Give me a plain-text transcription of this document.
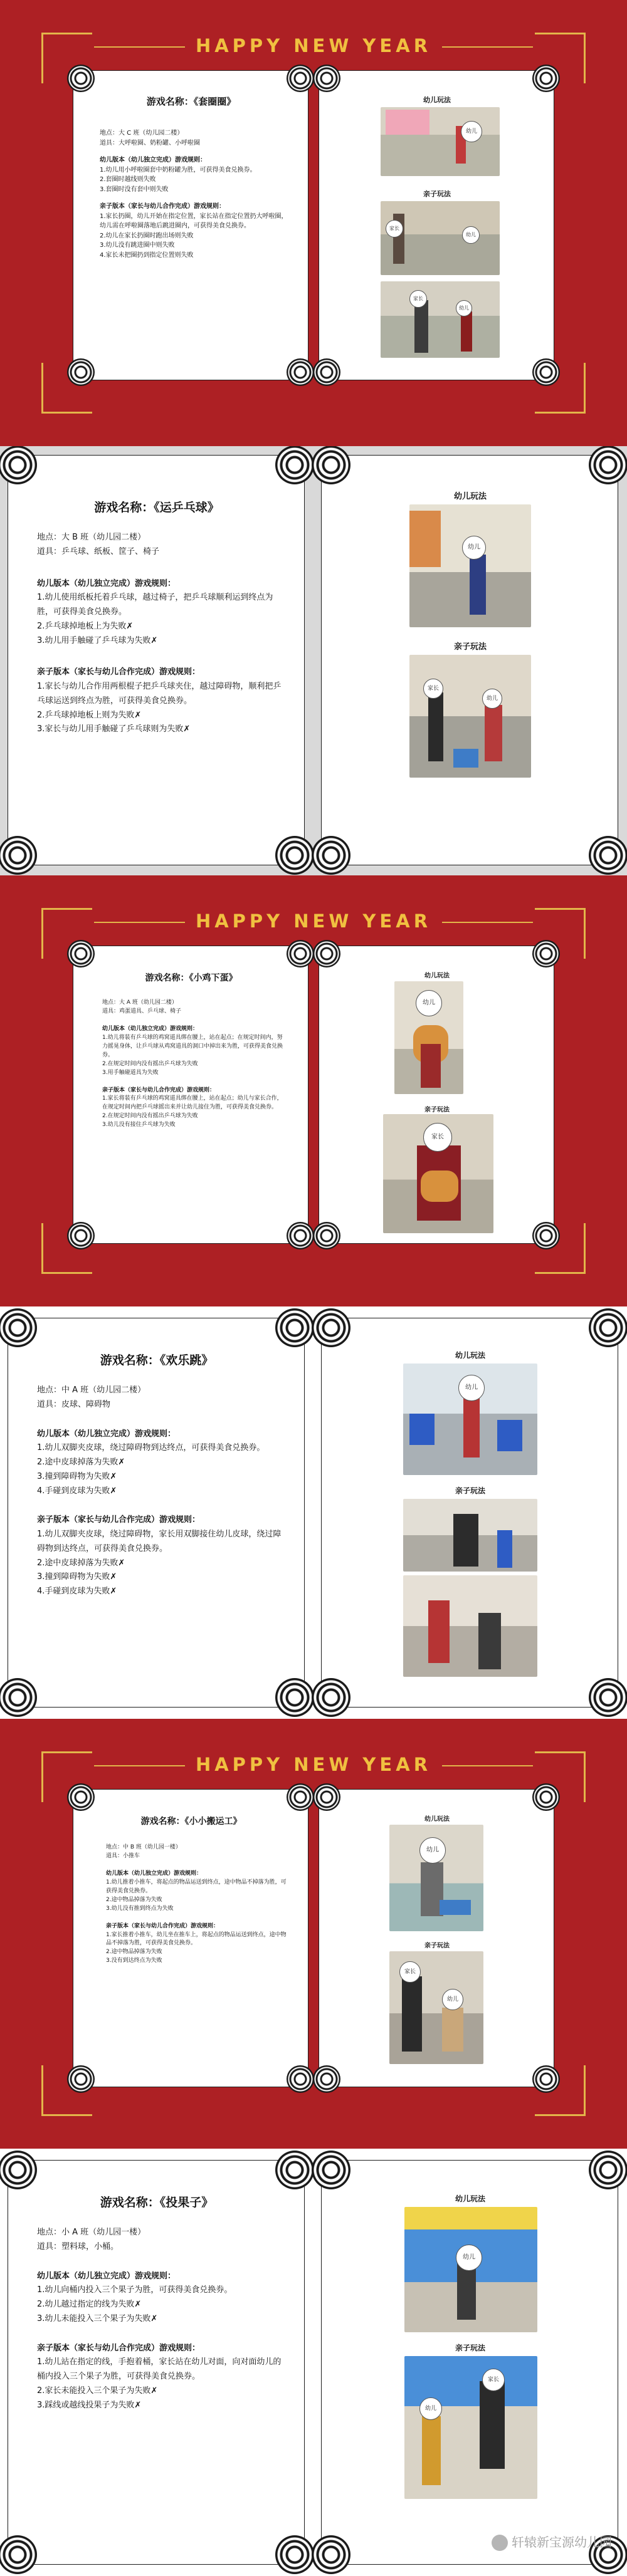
HAPPY NEW YEAR
游戏名称：《套圈圈》
地点：大 C 班（幼儿园二楼）
道具：大呼啦圈、奶粉罐、小呼啦圈
幼儿版本（幼儿独立完成）游戏规则：
1.幼儿用小呼啦圈套中奶粉罐为胜，可获得美食兑换券。
2.套圈时越线则失败
3.套圈时没有套中则失败
亲子版本（家长与幼儿合作完成）游戏规则：
1.家长扔圈，幼儿开始在指定位置，家长站在指定位置扔大呼啦圈，幼儿需在呼啦圈落地后跳进圈内，可获得美食兑换券。
2.幼儿在家长扔圈时跑出场则失败
3.幼儿没有跳进圈中则失败
4.家长未把圈扔到指定位置则失败
幼儿玩法
幼儿
亲子玩法
家长
幼儿
家长
幼儿
游戏名称：《运乒乓球》
地点：大 B 班（幼儿园二楼）
道具：乒乓球、纸板、筐子、椅子
幼儿版本（幼儿独立完成）游戏规则：
1.幼儿使用纸板托着乒乓球，越过椅子，把乒乓球顺利运到终点为胜，可获得美食兑换券。
2.乒乓球掉地板上为失败✗
3.幼儿用手触碰了乒乓球为失败✗
亲子版本（家长与幼儿合作完成）游戏规则：
1.家长与幼儿合作用两根棍子把乒乓球夹住，越过障碍物，顺利把乒乓球运送到终点为胜，可获得美食兑换券。
2.乒乓球掉地板上则为失败✗
3.家长与幼儿用手触碰了乒乓球则为失败✗
幼儿玩法
幼儿
亲子玩法
家长
幼儿
HAPPY NEW YEAR
游戏名称：《小鸡下蛋》
地点：大 A 班（幼儿园二楼）
道具：鸡蛋道具、乒乓球、椅子
幼儿版本（幼儿独立完成）游戏规则：
1.幼儿将装有乒乓球的鸡窝道具绑在腰上，站在起点；在规定时间内，努力摇晃身体，让乒乓球从鸡窝道具的洞口中掉出来为胜，可获得美食兑换券。
2.在规定时间内没有摇出乒乓球为失败
3.用手触碰道具为失败
亲子版本（家长与幼儿合作完成）游戏规则：
1.家长将装有乒乓球的鸡窝道具绑在腰上，站在起点；幼儿与家长合作，在规定时间内把乒乓球摇出来并让幼儿接住为胜，可获得美食兑换券。
2.在规定时间内没有摇出乒乓球为失败
3.幼儿没有接住乒乓球为失败
幼儿玩法
幼儿
亲子玩法
家长
游戏名称：《欢乐跳》
地点：中 A 班（幼儿园二楼）
道具：皮球、障碍物
幼儿版本（幼儿独立完成）游戏规则：
1.幼儿双脚夹皮球，绕过障碍物到达终点，可获得美食兑换券。
2.途中皮球掉落为失败✗
3.撞到障碍物为失败✗
4.手碰到皮球为失败✗
亲子版本（家长与幼儿合作完成）游戏规则：
1.幼儿双脚夹皮球，绕过障碍物，家长用双脚接住幼儿皮球，绕过障碍物到达终点，可获得美食兑换券。
2.途中皮球掉落为失败✗
3.撞到障碍物为失败✗
4.手碰到皮球为失败✗
幼儿玩法
幼儿
亲子玩法
HAPPY NEW YEAR
游戏名称：《小小搬运工》
地点：中 B 班（幼儿园一楼）
道具：小推车
幼儿版本（幼儿独立完成）游戏规则：
1.幼儿推着小推车，将起点的物品运送到终点，途中物品不掉落为胜，可获得美食兑换券。
2.途中物品掉落为失败
3.幼儿没有推到终点为失败
亲子版本（家长与幼儿合作完成）游戏规则：
1.家长推着小推车，幼儿坐在推车上，将起点的物品运送到终点，途中物品不掉落为胜，可获得美食兑换券。
2.途中物品掉落为失败
3.没有到达终点为失败
幼儿玩法
幼儿
亲子玩法
家长
幼儿
游戏名称：《投果子》
地点：小 A 班（幼儿园一楼）
道具：塑料球，小桶。
幼儿版本（幼儿独立完成）游戏规则：
1.幼儿向桶内投入三个果子为胜，可获得美食兑换券。
2.幼儿越过指定的线为失败✗
3.幼儿未能投入三个果子为失败✗
亲子版本（家长与幼儿合作完成）游戏规则：
1.幼儿站在指定的线，手抱着桶，家长站在幼儿对面，向对面幼儿的桶内投入三个果子为胜，可获得美食兑换券。
2.家长未能投入三个果子为失败✗
3.踩线或越线投果子为失败✗
幼儿玩法
幼儿
亲子玩法
幼儿
家长
轩辕新宝源幼儿园
